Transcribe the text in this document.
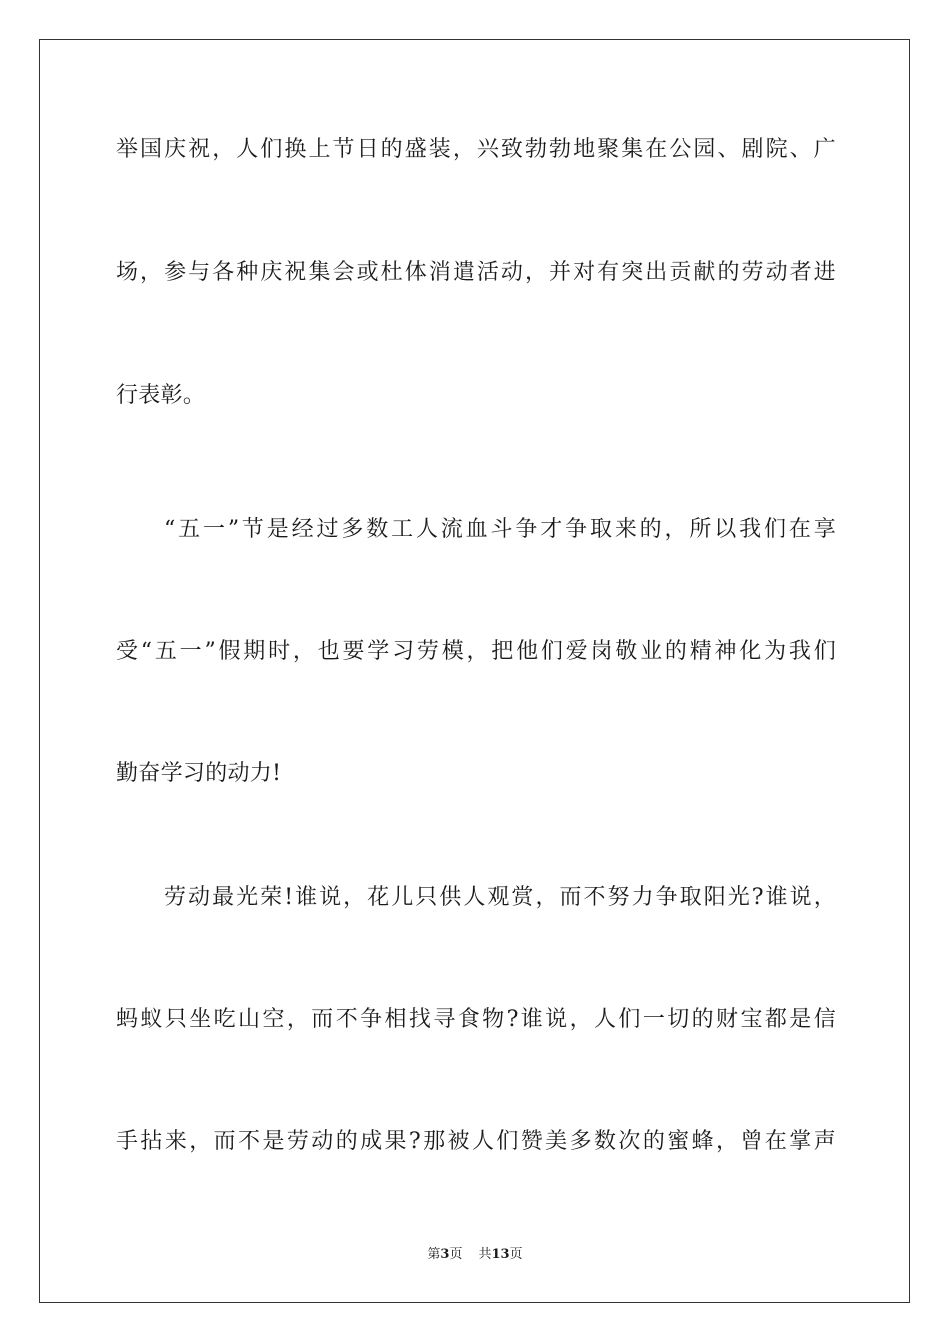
举国庆祝，人们换上节日的盛装，兴致勃勃地聚集在公园、剧院、广
场，参与各种庆祝集会或杜体消遣活动，并对有突出贡献的劳动者进
行表彰。
“五一”节是经过多数工人流血斗争才争取来的，所以我们在享
受“五一”假期时，也要学习劳模，把他们爱岗敬业的精神化为我们
勤奋学习的动力!
劳动最光荣!谁说，花儿只供人观赏，而不努力争取阳光?谁说，
蚂蚁只坐吃山空，而不争相找寻食物?谁说，人们一切的财宝都是信
手拈来，而不是劳动的成果?那被人们赞美多数次的蜜蜂，曾在掌声
第3页 共13页
